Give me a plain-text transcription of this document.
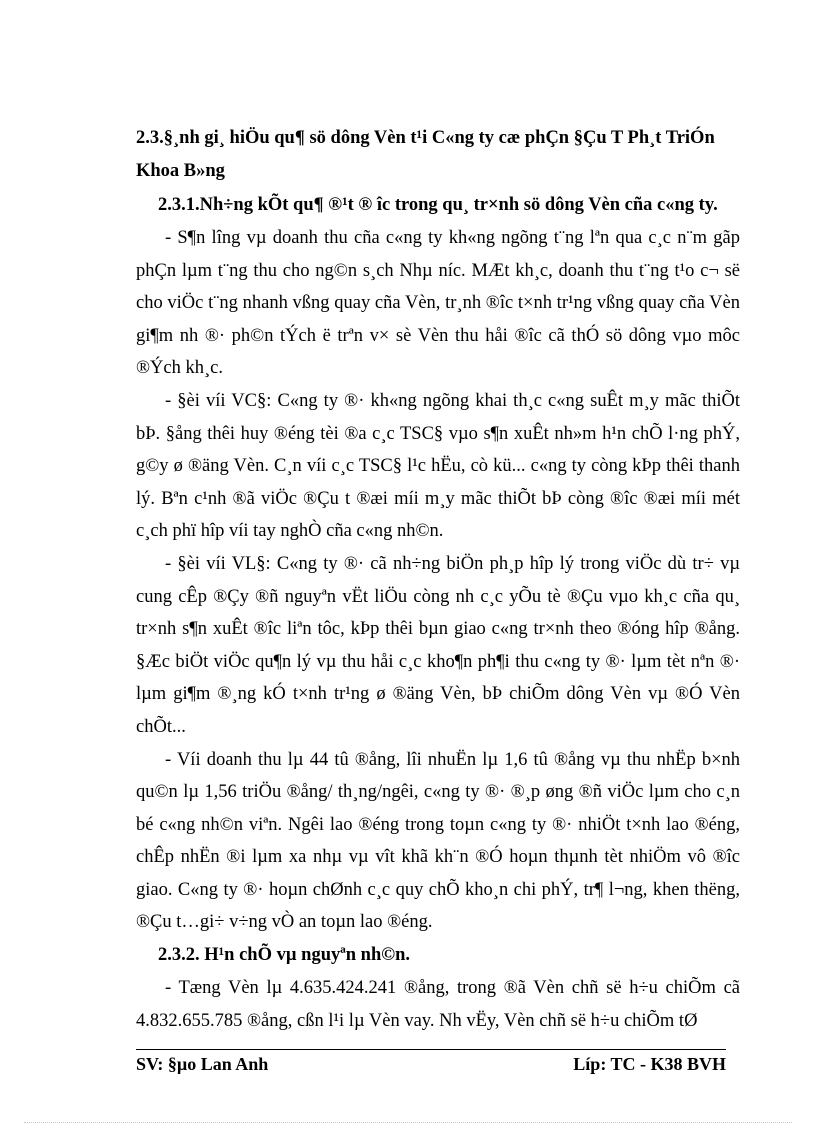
2.3.§¸nh gi¸ hiÖu qu¶ sö dông Vèn t¹i C«ng ty cæ phÇn §Çu T Ph¸t TriÓn Khoa B»ng

2.3.1.Nh÷ng kÕt qu¶ ®¹t ® îc trong qu¸ tr×nh sö dông Vèn cña c«ng ty.

- S¶n lîng vµ doanh thu cña c«ng ty kh«ng ngõng t¨ng lªn qua c¸c n¨m gãp phÇn lµm t¨ng thu cho ng©n s¸ch Nhµ níc. MÆt kh¸c, doanh thu t¨ng t¹o c¬ së cho viÖc t¨ng nhanh vßng quay cña Vèn, tr¸nh ®îc t×nh tr¹ng vßng quay cña Vèn gi¶m nh ®· ph©n tÝch ë trªn v× sè Vèn thu håi ®îc cã thÓ sö dông vµo môc ®Ých kh¸c.

- §èi víi VC§: C«ng ty ®· kh«ng ngõng khai th¸c c«ng suÊt m¸y mãc thiÕt bÞ. §ång thêi huy ®éng tèi ®a c¸c TSC§ vµo s¶n xuÊt nh»m h¹n chÕ l·ng phÝ, g©y ø ®äng Vèn. C¸n víi c¸c TSC§ l¹c hËu, cò kü... c«ng ty còng kÞp thêi thanh lý. Bªn c¹nh ®ã viÖc ®Çu t ®æi míi m¸y mãc thiÕt bÞ còng ®îc ®æi míi mét c¸ch phï hîp víi tay nghÒ cña c«ng nh©n.

- §èi víi VL§: C«ng ty ®· cã nh÷ng biÖn ph¸p hîp lý trong viÖc dù tr÷ vµ cung cÊp ®Çy ®ñ nguyªn vËt liÖu còng nh c¸c yÕu tè ®Çu vµo kh¸c cña qu¸ tr×nh s¶n xuÊt ®îc liªn tôc, kÞp thêi bµn giao c«ng tr×nh theo ®óng hîp ®ång. §Æc biÖt viÖc qu¶n lý vµ thu håi c¸c kho¶n ph¶i thu c«ng ty ®· lµm tèt nªn ®· lµm gi¶m ®¸ng kÓ t×nh tr¹ng ø ®äng Vèn, bÞ chiÕm dông Vèn vµ ®Ó Vèn chÕt...

- Víi doanh thu lµ 44 tû ®ång, lîi nhuËn lµ 1,6 tû ®ång vµ thu nhËp b×nh qu©n lµ 1,56 triÖu ®ång/ th¸ng/ngêi, c«ng ty ®· ®¸p øng ®ñ viÖc lµm cho c¸n bé c«ng nh©n viªn. Ngêi lao ®éng trong toµn c«ng ty ®· nhiÖt t×nh lao ®éng, chÊp nhËn ®i lµm xa nhµ vµ vît khã kh¨n ®Ó hoµn thµnh tèt nhiÖm vô ®îc giao. C«ng ty ®· hoµn chØnh c¸c quy chÕ kho¸n chi phÝ, tr¶ l¬ng, khen thëng, ®Çu t…gi÷ v÷ng vÒ an toµn lao ®éng.

2.3.2. H¹n chÕ vµ nguyªn nh©n.

- Tæng Vèn lµ 4.635.424.241 ®ång, trong ®ã Vèn chñ së h÷u chiÕm cã 4.832.655.785 ®ång, cßn l¹i lµ Vèn vay. Nh vËy, Vèn chñ së h÷u chiÕm tØ

SV: §µo Lan Anh	Líp: TC - K38 BVH
